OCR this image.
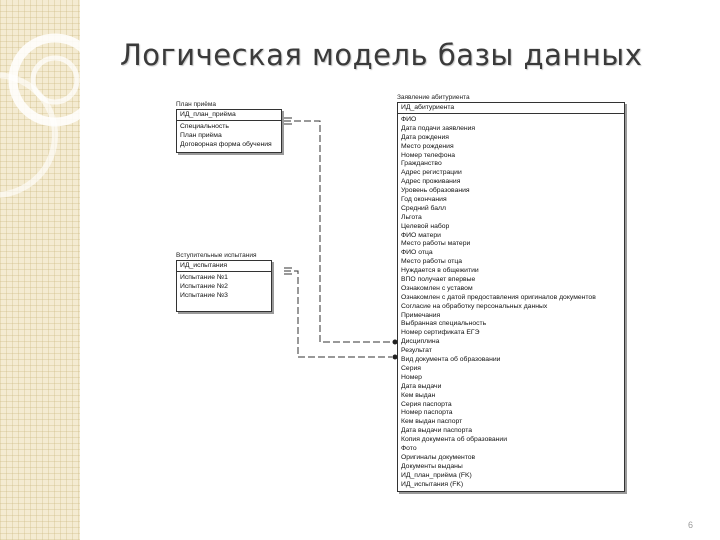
Логическая модель базы данных
План приёма
ИД_план_приёма
Специальность
План приёма
Договорная форма обучения
Вступительные испытания
ИД_испытания
Испытание №1
Испытание №2
Испытание №3
Заявление абитуриента
ИД_абитуриента
ФИО
Дата подачи заявления
Дата рождения
Место рождения
Номер телефона
Гражданство
Адрес регистрации
Адрес проживания
Уровень образования
Год окончания
Средний балл
Льгота
Целевой набор
ФИО матери
Место работы матери
ФИО отца
Место работы отца
Нуждается в общежитии
ВПО получает впервые
Ознакомлен с уставом
Ознакомлен с датой предоставления оригиналов документов
Согласие на обработку персональных данных
Примечания
Выбранная специальность
Номер сертификата ЕГЭ
Дисциплина
Результат
Вид документа об образовании
Серия
Номер
Дата выдачи
Кем выдан
Серия паспорта
Номер паспорта
Кем выдан паспорт
Дата выдачи паспорта
Копия документа об образовании
Фото
Оригиналы документов
Документы выданы
ИД_план_приёма (FK)
ИД_испытания (FK)
6
